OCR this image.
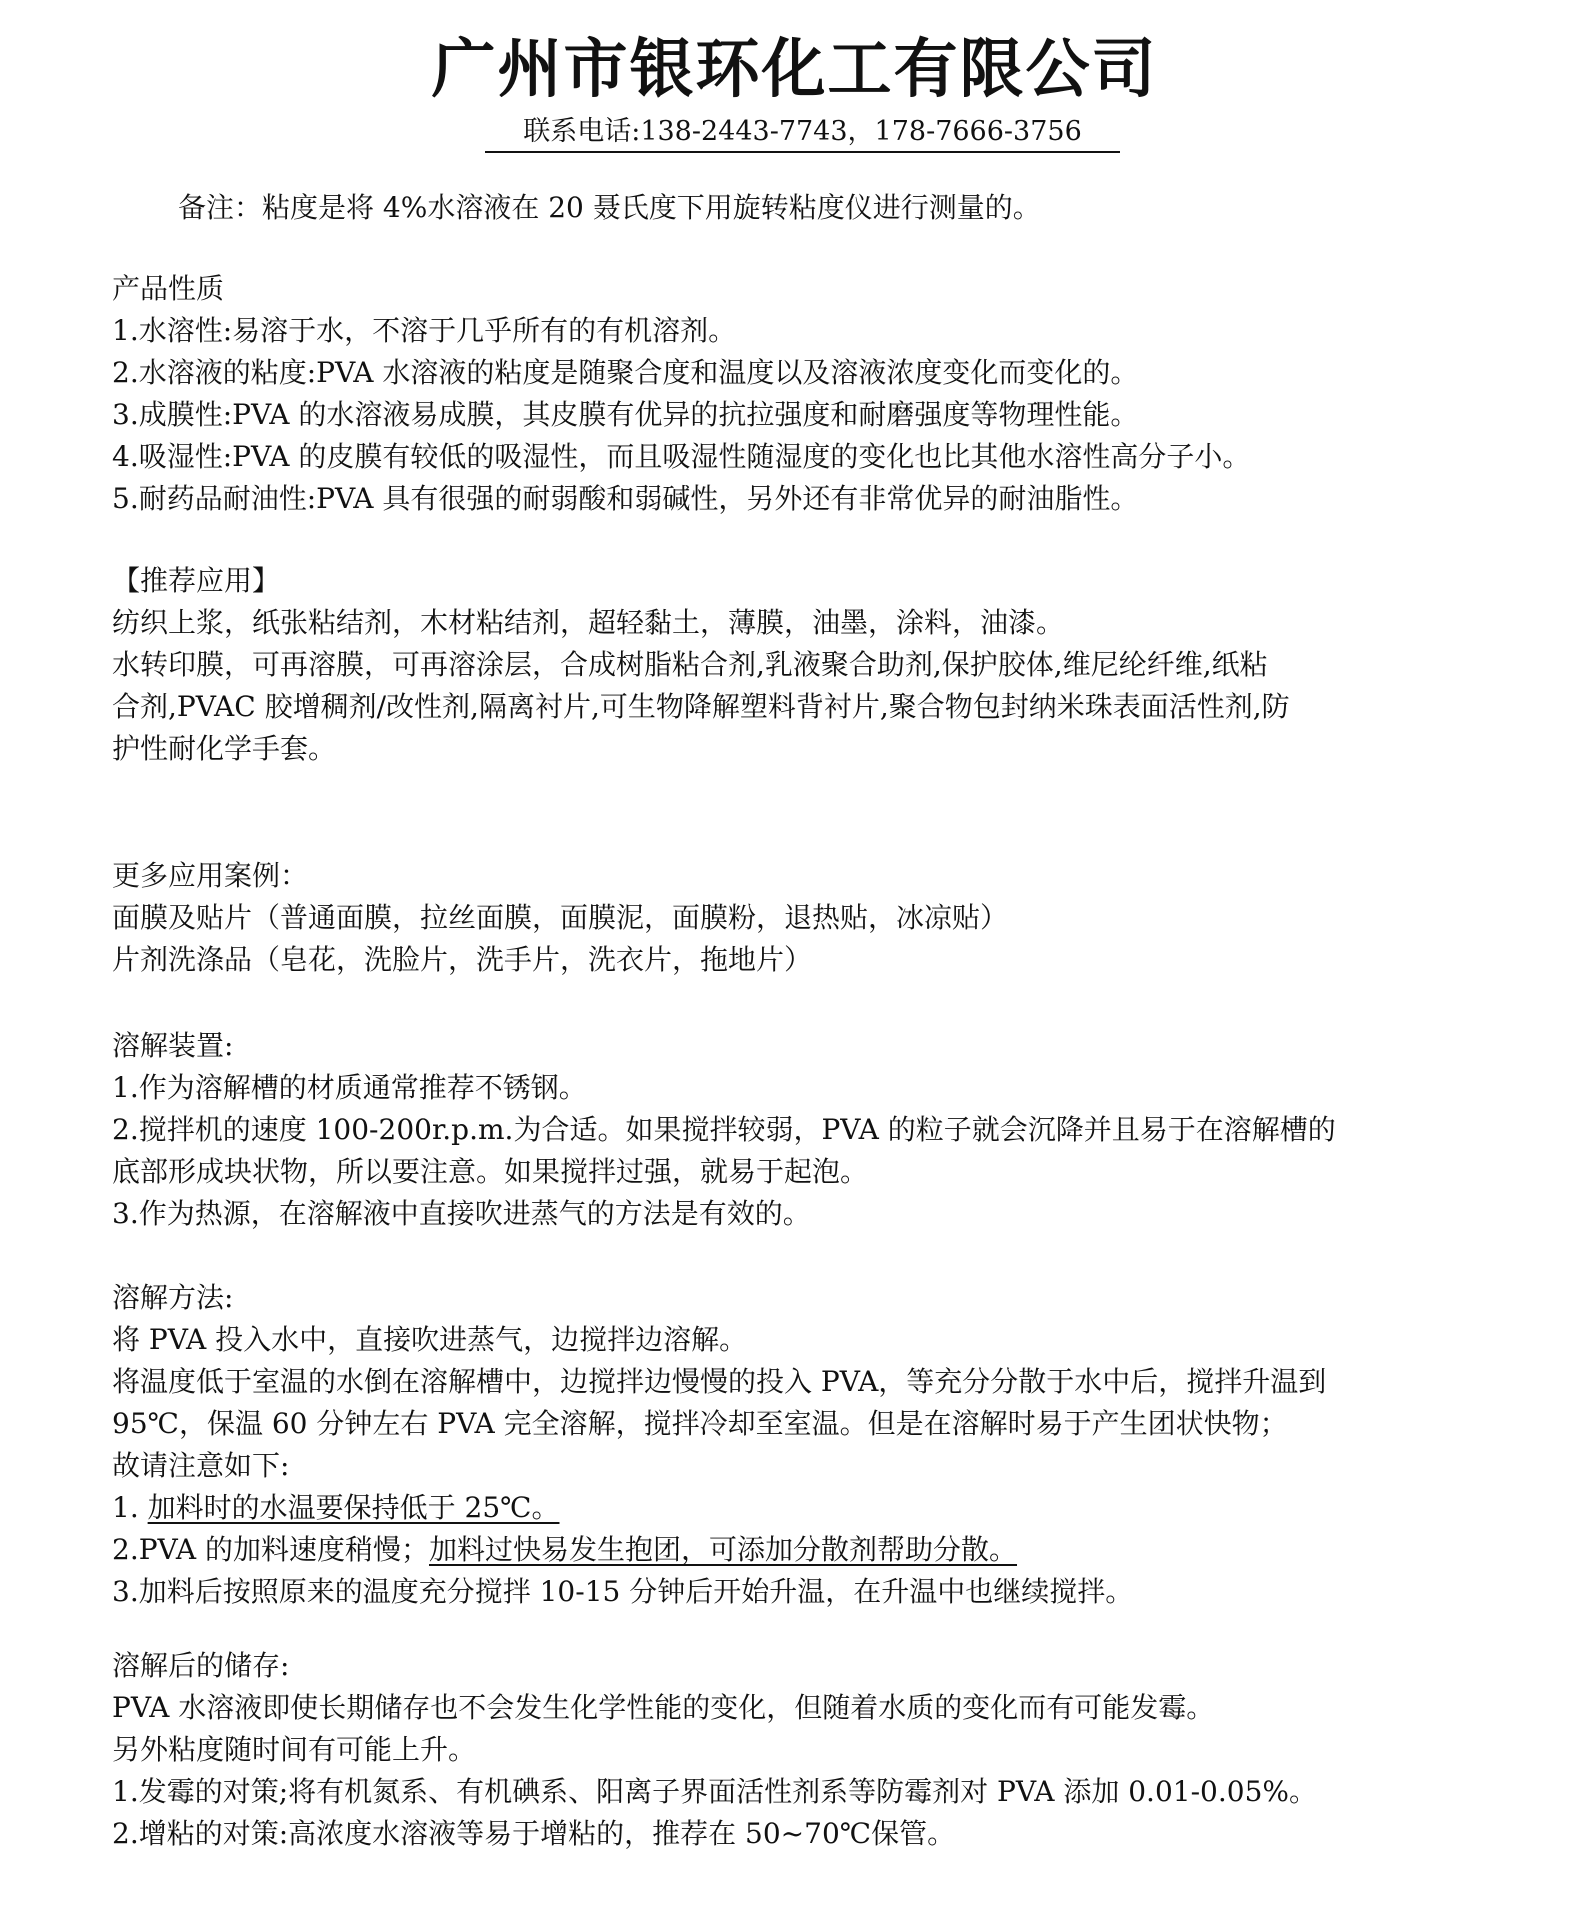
广州市银环化工有限公司
联系电话:138-2443-7743，178-7666-3756
备注：粘度是将 4%水溶液在 20 聂氏度下用旋转粘度仪进行测量的。
产品性质
1.水溶性:易溶于水，不溶于几乎所有的有机溶剂。
2.水溶液的粘度:PVA 水溶液的粘度是随聚合度和温度以及溶液浓度变化而变化的。
3.成膜性:PVA 的水溶液易成膜，其皮膜有优异的抗拉强度和耐磨强度等物理性能。
4.吸湿性:PVA 的皮膜有较低的吸湿性，而且吸湿性随湿度的变化也比其他水溶性高分子小。
5.耐药品耐油性:PVA 具有很强的耐弱酸和弱碱性，另外还有非常优异的耐油脂性。
【推荐应用】
纺织上浆，纸张粘结剂，木材粘结剂，超轻黏土，薄膜，油墨，涂料，油漆。
水转印膜，可再溶膜，可再溶涂层，合成树脂粘合剂,乳液聚合助剂,保护胶体,维尼纶纤维,纸粘
合剂,PVAC 胶增稠剂/改性剂,隔离衬片,可生物降解塑料背衬片,聚合物包封纳米珠表面活性剂,防
护性耐化学手套。
更多应用案例：
面膜及贴片（普通面膜，拉丝面膜，面膜泥，面膜粉，退热贴，冰凉贴）
片剂洗涤品（皂花，洗脸片，洗手片，洗衣片，拖地片）
溶解装置:
1.作为溶解槽的材质通常推荐不锈钢。
2.搅拌机的速度 100-200r.p.m.为合适。如果搅拌较弱，PVA 的粒子就会沉降并且易于在溶解槽的
底部形成块状物，所以要注意。如果搅拌过强，就易于起泡。
3.作为热源，在溶解液中直接吹进蒸气的方法是有效的。
溶解方法:
将 PVA 投入水中，直接吹进蒸气，边搅拌边溶解。
将温度低于室温的水倒在溶解槽中，边搅拌边慢慢的投入 PVA，等充分分散于水中后，搅拌升温到
95℃，保温 60 分钟左右 PVA 完全溶解，搅拌冷却至室温。但是在溶解时易于产生团状快物；
故请注意如下:
1. 加料时的水温要保持低于 25℃。
2.PVA 的加料速度稍慢；加料过快易发生抱团，可添加分散剂帮助分散。
3.加料后按照原来的温度充分搅拌 10-15 分钟后开始升温，在升温中也继续搅拌。
溶解后的储存:
PVA 水溶液即使长期储存也不会发生化学性能的变化，但随着水质的变化而有可能发霉。
另外粘度随时间有可能上升。
1.发霉的对策;将有机氮系、有机碘系、阳离子界面活性剂系等防霉剂对 PVA 添加 0.01-0.05%。
2.增粘的对策:高浓度水溶液等易于增粘的，推荐在 50~70℃保管。
